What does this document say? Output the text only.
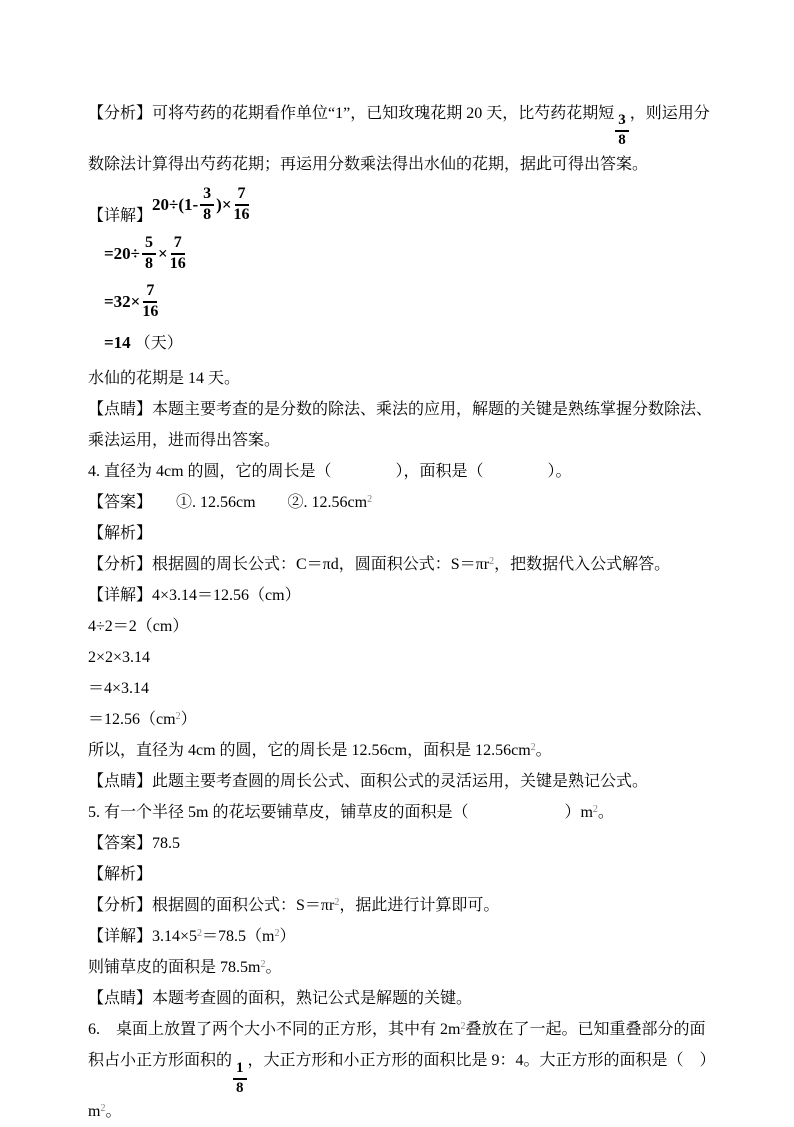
【分析】可将芍药的花期看作单位“1”，已知玫瑰花期 20 天，比芍药花期短 $\frac{3}{8}$ ，则运用分数除法计算得出芍药花期；再运用分数乘法得出水仙的花期，据此可得出答案。
【详解】$20\div(1- \frac{3}{8}$ )× $\frac{7}{16}$
$=20\div \frac{5}{8} \times \frac{7}{16}$
$=32\times \frac{7}{16}$
=14 （天）
水仙的花期是 14 天。
【点睛】本题主要考查的是分数的除法、乘法的应用，解题的关键是熟练掌握分数除法、乘法运用，进而得出答案。
4. 直径为 4cm 的圆，它的周长是（　　　　），面积是（　　　　）。
【答案】　　①. 12.56cm　　②. $12.56cm^2$
【解析】
【分析】根据圆的周长公式：C＝πd，圆面积公式：$S=\pi r^2$，把数据代入公式解答。
【详解】4×3.14＝12.56（cm）
4÷2＝2（cm）
2×2×3.14
＝4×3.14
$=12.56(cm^2)$
所以，直径为 4cm 的圆，它的周长是 12.56cm，面积是 $12.56cm^2$。
【点睛】此题主要考查圆的周长公式、面积公式的灵活运用，关键是熟记公式。
5. 有一个半径 5m 的花坛要铺草皮，铺草皮的面积是（　　　　　　）$m^2$。
【答案】78.5
【解析】
【分析】根据圆的面积公式：$S=\pi r^2$，据此进行计算即可。
【详解】$3.14\times 5^2=78.5(m^2)$
则铺草皮的面积是 $78.5m^2$。
【点睛】本题考查圆的面积，熟记公式是解题的关键。
6.　桌面上放置了两个大小不同的正方形，其中有 $2m^2$叠放在了一起。已知重叠部分的面积占小正方形面积的 $\frac{1}{8}$ ，大正方形和小正方形的面积比是 9：4。大正方形的面积是（　）$m^2$。
